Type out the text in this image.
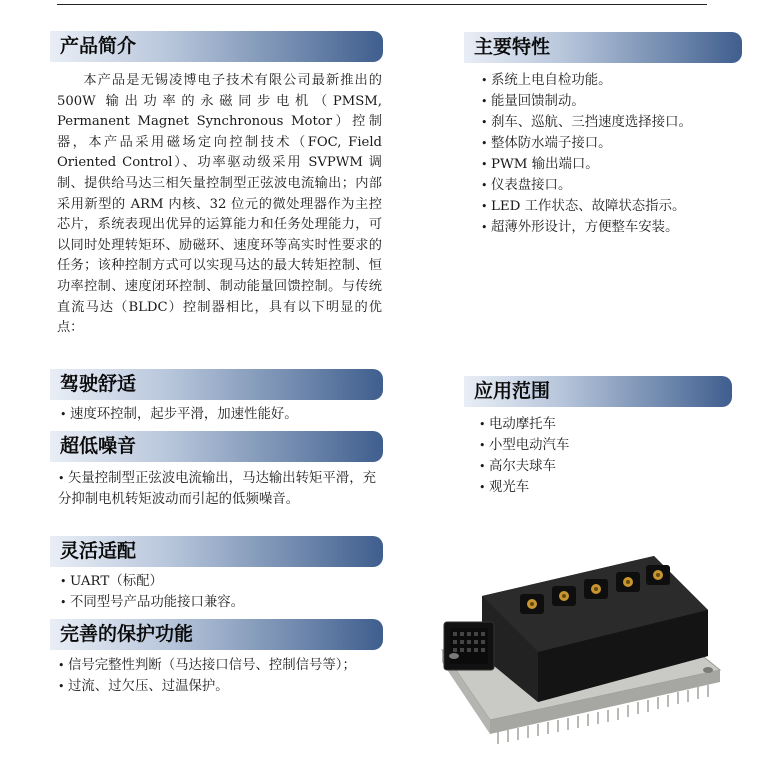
产品简介

本产品是无锡凌博电子技术有限公司最新推出的 500W 输出功率的永磁同步电机（PMSM, Permanent Magnet Synchronous Motor）控制器，本产品采用磁场定向控制技术（FOC, Field Oriented Control）、功率驱动级采用 SVPWM 调制、提供给马达三相矢量控制型正弦波电流输出；内部采用新型的 ARM 内核、32 位元的微处理器作为主控芯片，系统表现出优异的运算能力和任务处理能力，可以同时处理转矩环、励磁环、速度环等高实时性要求的任务；该种控制方式可以实现马达的最大转矩控制、恒功率控制、速度闭环控制、制动能量回馈控制。与传统直流马达（BLDC）控制器相比，具有以下明显的优点：

驾驶舒适
• 速度环控制，起步平滑，加速性能好。
超低噪音
• 矢量控制型正弦波电流输出，马达输出转矩平滑，充分抑制电机转矩波动而引起的低频噪音。
灵活适配
• UART（标配）
• 不同型号产品功能接口兼容。
完善的保护功能
• 信号完整性判断（马达接口信号、控制信号等）；
• 过流、过欠压、过温保护。
主要特性
• 系统上电自检功能。
• 能量回馈制动。
• 刹车、巡航、三挡速度选择接口。
• 整体防水端子接口。
• PWM 输出端口。
• 仪表盘接口。
• LED 工作状态、故障状态指示。
• 超薄外形设计，方便整车安装。
应用范围
• 电动摩托车
• 小型电动汽车
• 高尔夫球车
• 观光车
